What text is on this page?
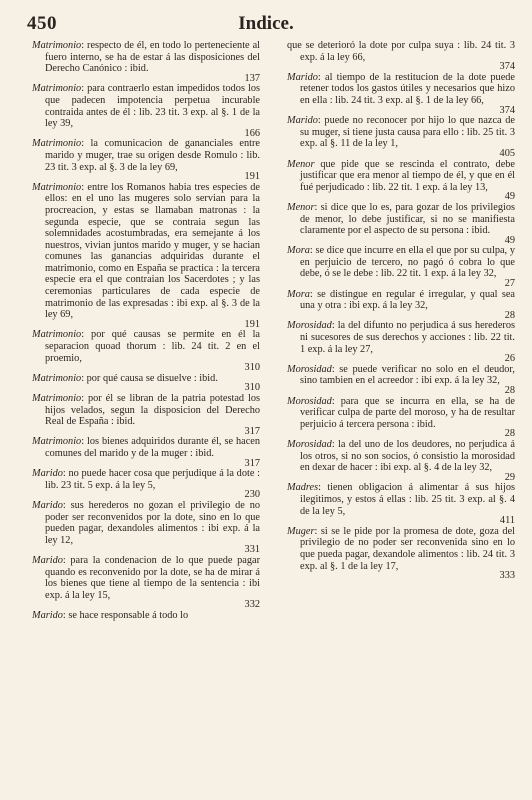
450	Indice.

Matrimonio: respecto de él, en todo lo perteneciente al fuero interno, se ha de estar á las disposiciones del Derecho Canónico : ibid.
137

Matrimonio: para contraerlo estan impedidos todos los que padecen impotencia perpetua incurable contraida antes de él : lib. 23 tit. 3 exp. al §. 1 de la ley 39,
166

Matrimonio: la comunicacion de gananciales entre marido y muger, trae su origen desde Romulo : lib. 23 tit. 3 exp. al §. 3 de la ley 69,
191

Matrimonio: entre los Romanos habia tres especies de ellos: en el uno las mugeres solo servian para la procreacion, y estas se llamaban matronas : la segunda especie, que se contraia segun las solemnidades acostumbradas, era semejante á los nuestros, vivian juntos marido y muger, y se hacian comunes las ganancias adquiridas durante el matrimonio, como en España se practica : la tercera especie era el que contraian los Sacerdotes ; y las ceremonias particulares de cada especie de matrimonio de las expresadas : ibi exp. al §. 3 de la ley 69,
191

Matrimonio: por qué causas se permite en él la separacion quoad thorum : lib. 24 tit. 2 en el proemio,
310

Matrimonio: por qué causa se disuelve : ibid.
310

Matrimonio: por él se libran de la patria potestad los hijos velados, segun la disposicion del Derecho Real de España : ibid.
317

Matrimonio: los bienes adquiridos durante él, se hacen comunes del marido y de la muger : ibid.
317

Marido: no puede hacer cosa que perjudique á la dote : lib. 23 tit. 5 exp. á la ley 5,
230

Marido: sus herederos no gozan el privilegio de no poder ser reconvenidos por la dote, sino en lo que pueden pagar, dexandoles alimentos : ibi exp. á la ley 12,
331

Marido: para la condenacion de lo que puede pagar quando es reconvenido por la dote, se ha de mirar á los bienes que tiene al tiempo de la sentencia : ibi exp. á la ley 15,
332

Marido: se hace responsable á todo lo

que se deterioró la dote por culpa suya : lib. 24 tit. 3 exp. á la ley 66,
374

Marido: al tiempo de la restitucion de la dote puede retener todos los gastos útiles y necesarios que hizo en ella : lib. 24 tit. 3 exp. al §. 1 de la ley 66,
374

Marido: puede no reconocer por hijo lo que nazca de su muger, si tiene justa causa para ello : lib. 25 tit. 3 exp. al §. 11 de la ley 1,
405

Menor que pide que se rescinda el contrato, debe justificar que era menor al tiempo de él, y que en él fué perjudicado : lib. 22 tit. 1 exp. á la ley 13,
49

Menor: si dice que lo es, para gozar de los privilegios de menor, lo debe justificar, si no se manifiesta claramente por el aspecto de su persona : ibid.
49

Mora: se dice que incurre en ella el que por su culpa, y en perjuicio de tercero, no pagó ó cobra lo que debe, ó se le debe : lib. 22 tit. 1 exp. á la ley 32,
27

Mora: se distingue en regular é irregular, y qual sea una y otra : ibi exp. á la ley 32,
28

Morosidad: la del difunto no perjudica á sus herederos ni sucesores de sus derechos y acciones : lib. 22 tit. 1 exp. á la ley 27,
26

Morosidad: se puede verificar no solo en el deudor, sino tambien en el acreedor : ibi exp. á la ley 32,
28

Morosidad: para que se incurra en ella, se ha de verificar culpa de parte del moroso, y ha de resultar perjuicio á tercera persona : ibid.
28

Morosidad: la del uno de los deudores, no perjudica á los otros, si no son socios, ó consistio la morosidad en dexar de hacer : ibi exp. al §. 4 de la ley 32,
29

Madres: tienen obligacion á alimentar á sus hijos ilegitimos, y estos á ellas : lib. 25 tit. 3 exp. al §. 4 de la ley 5,
411

Muger: si se le pide por la promesa de dote, goza del privilegio de no poder ser reconvenida sino en lo que pueda pagar, dexandole alimentos : lib. 24 tit. 3 exp. al §. 1 de la ley 17,
333
